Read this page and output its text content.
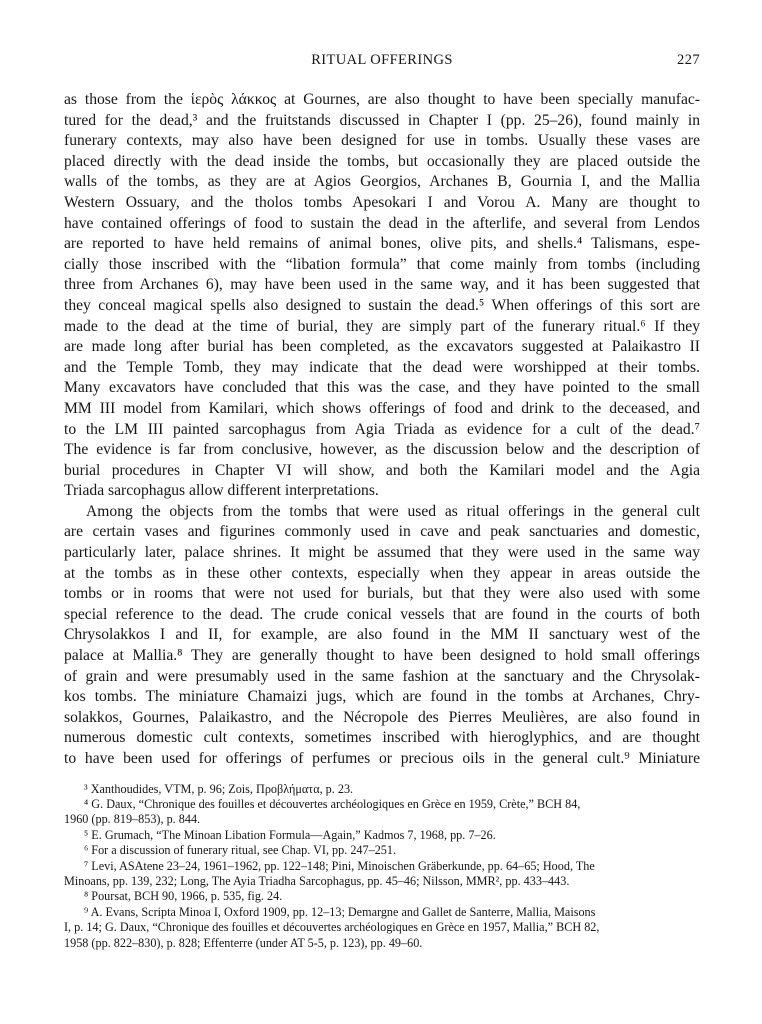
RITUAL OFFERINGS	227

as those from the ἱερὸς λάκκος at Gournes, are also thought to have been specially manufac-
tured for the dead,³ and the fruitstands discussed in Chapter I (pp. 25–26), found mainly in
funerary contexts, may also have been designed for use in tombs. Usually these vases are
placed directly with the dead inside the tombs, but occasionally they are placed outside the
walls of the tombs, as they are at Agios Georgios, Archanes B, Gournia I, and the Mallia
Western Ossuary, and the tholos tombs Apesokari I and Vorou A. Many are thought to
have contained offerings of food to sustain the dead in the afterlife, and several from Lendos
are reported to have held remains of animal bones, olive pits, and shells.⁴ Talismans, espe-
cially those inscribed with the “libation formula” that come mainly from tombs (including
three from Archanes 6), may have been used in the same way, and it has been suggested that
they conceal magical spells also designed to sustain the dead.⁵ When offerings of this sort are
made to the dead at the time of burial, they are simply part of the funerary ritual.⁶ If they
are made long after burial has been completed, as the excavators suggested at Palaikastro II
and the Temple Tomb, they may indicate that the dead were worshipped at their tombs.
Many excavators have concluded that this was the case, and they have pointed to the small
MM III model from Kamilari, which shows offerings of food and drink to the deceased, and
to the LM III painted sarcophagus from Agia Triada as evidence for a cult of the dead.⁷
The evidence is far from conclusive, however, as the discussion below and the description of
burial procedures in Chapter VI will show, and both the Kamilari model and the Agia
Triada sarcophagus allow different interpretations.

Among the objects from the tombs that were used as ritual offerings in the general cult
are certain vases and figurines commonly used in cave and peak sanctuaries and domestic,
particularly later, palace shrines. It might be assumed that they were used in the same way
at the tombs as in these other contexts, especially when they appear in areas outside the
tombs or in rooms that were not used for burials, but that they were also used with some
special reference to the dead. The crude conical vessels that are found in the courts of both
Chrysolakkos I and II, for example, are also found in the MM II sanctuary west of the
palace at Mallia.⁸ They are generally thought to have been designed to hold small offerings
of grain and were presumably used in the same fashion at the sanctuary and the Chrysolak-
kos tombs. The miniature Chamaizi jugs, which are found in the tombs at Archanes, Chry-
solakkos, Gournes, Palaikastro, and the Nécropole des Pierres Meulières, are also found in
numerous domestic cult contexts, sometimes inscribed with hieroglyphics, and are thought
to have been used for offerings of perfumes or precious oils in the general cult.⁹ Miniature

³ Xanthoudides, VTM, p. 96; Zois, Προβλήματα, p. 23.
⁴ G. Daux, “Chronique des fouilles et découvertes archéologiques en Grèce en 1959, Crète,” BCH 84,
1960 (pp. 819–853), p. 844.
⁵ E. Grumach, “The Minoan Libation Formula—Again,” Kadmos 7, 1968, pp. 7–26.
⁶ For a discussion of funerary ritual, see Chap. VI, pp. 247–251.
⁷ Levi, ASAtene 23–24, 1961–1962, pp. 122–148; Pini, Minoischen Gräberkunde, pp. 64–65; Hood, The
Minoans, pp. 139, 232; Long, The Ayia Triadha Sarcophagus, pp. 45–46; Nilsson, MMR², pp. 433–443.
⁸ Poursat, BCH 90, 1966, p. 535, fig. 24.
⁹ A. Evans, Scripta Minoa I, Oxford 1909, pp. 12–13; Demargne and Gallet de Santerre, Mallia, Maisons
I, p. 14; G. Daux, “Chronique des fouilles et découvertes archéologiques en Grèce en 1957, Mallia,” BCH 82,
1958 (pp. 822–830), p. 828; Effenterre (under AT 5-5, p. 123), pp. 49–60.
